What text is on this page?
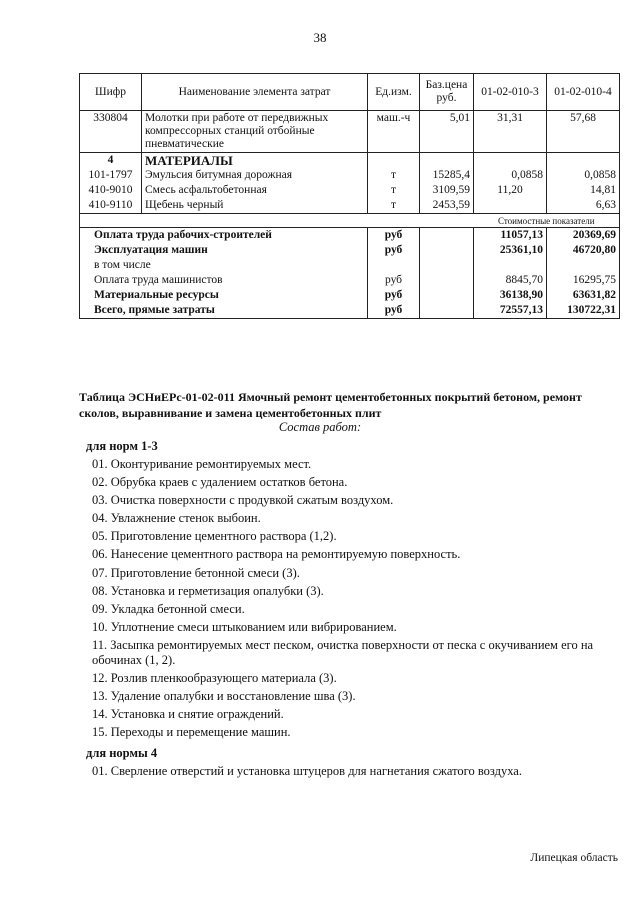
38
Шифр	Наименование элемента затрат	Ед.изм.	Баз.цена руб.	01-02-010-3	01-02-010-4
330804	Молотки при работе от передвижных компрессорных станций отбойные пневматические	маш.-ч	5,01	31,31	57,68
4	МАТЕРИАЛЫ				
101-1797	Эмульсия битумная дорожная	т	15285,4	0,0858	0,0858
410-9010	Смесь асфальтобетонная	т	3109,59	11,20	14,81
410-9110	Щебень черный	т	2453,59		6,63
				Стоимостные показатели	
Оплата труда рабочих-строителей		руб		11057,13	20369,69
Эксплуатация машин		руб		25361,10	46720,80
в том числе					
Оплата труда машинистов		руб		8845,70	16295,75
Материальные ресурсы		руб		36138,90	63631,82
Всего, прямые затраты		руб		72557,13	130722,31
Таблица ЭСНиЕРс-01-02-011 Ямочный ремонт цементобетонных покрытий бетоном, ремонт сколов, выравнивание и замена цементобетонных плит
Состав работ:
для норм 1-3
01. Оконтуривание ремонтируемых мест.
02. Обрубка краев с удалением остатков бетона.
03. Очистка поверхности с продувкой сжатым воздухом.
04. Увлажнение стенок выбоин.
05. Приготовление цементного раствора (1,2).
06. Нанесение цементного раствора на ремонтируемую поверхность.
07. Приготовление бетонной смеси (3).
08. Установка и герметизация опалубки (3).
09. Укладка бетонной смеси.
10. Уплотнение смеси штыкованием или вибрированием.
11. Засыпка ремонтируемых мест песком, очистка поверхности от песка с окучиванием его на обочинах (1, 2).
12. Розлив пленкообразующего материала (3).
13. Удаление опалубки и восстановление шва (3).
14. Установка и снятие ограждений.
15. Переходы и перемещение машин.
для нормы 4
01. Сверление отверстий и установка штуцеров для нагнетания сжатого воздуха.
Липецкая область
